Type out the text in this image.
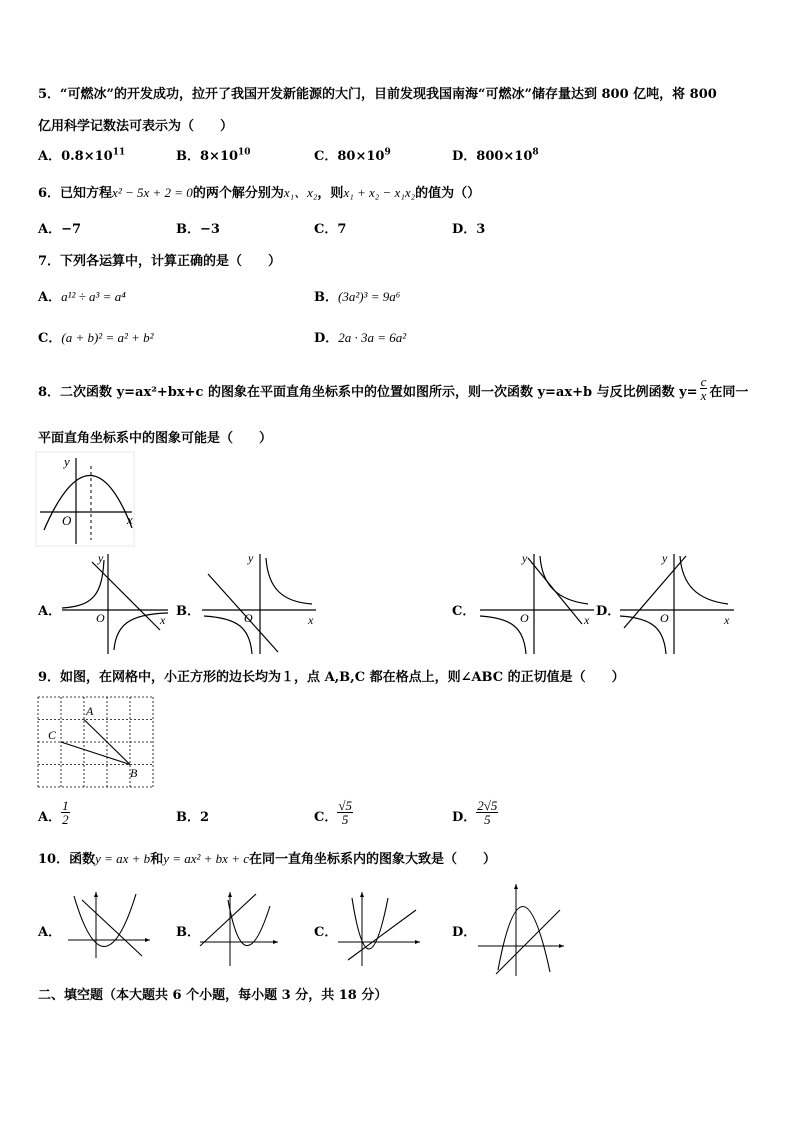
5．“可燃冰”的开发成功，拉开了我国开发新能源的大门，目前发现我国南海“可燃冰”储存量达到 800 亿吨，将 800
亿用科学记数法可表示为（　　）
A．$0.8\times 10^{11}$	B．$8\times 10^{10}$	C．$80\times 10^9$	D．$800\times 10^8$
6．已知方程x² − 5x + 2 = 0的两个解分别为x₁、x₂，则x₁ + x₂ − x₁x₂的值为（）
A．−7	B．−3	C．7	D．3
7．下列各运算中，计算正确的是（　　）
A．a¹² ÷ a³ = a⁴	B．(3a²)³ = 9a⁶
C．(a + b)² = a² + b²	D．2a · 3a = 6a²
8．二次函数 y=ax²+bx+c 的图象在平面直角坐标系中的位置如图所示，则一次函数 y=ax+b 与反比例函数 $y= \frac{c}{x}$ 在同一
平面直角坐标系中的图象可能是（　　）
y
O	x
A．
y
O	x
B．
y
O	x
C．
y
O	x
D．
y
O	x
9．如图，在网格中，小正方形的边长均为１，点 A,B,C 都在格点上，则∠ABC 的正切值是（　　）
A
C
B
A． $\frac{1}{2}$	B．2	C． $\frac{√5}{5}$	D． $\frac{2√5}{5}$
10．函数y = ax + b和y = ax² + bx + c在同一直角坐标系内的图象大致是（　　）
A．	B．	C．	D．
二、填空题（本大题共 6 个小题，每小题 3 分，共 18 分）
